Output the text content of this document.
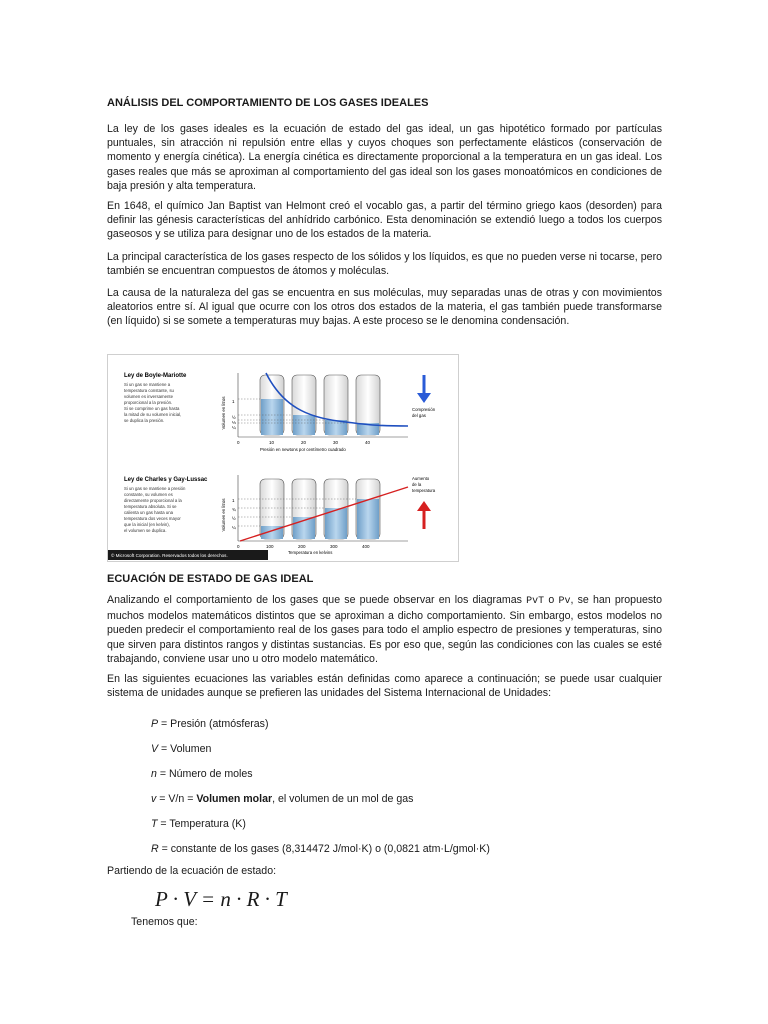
ANÁLISIS DEL COMPORTAMIENTO DE LOS GASES IDEALES

La ley de los gases ideales es la ecuación de estado del gas ideal, un gas hipotético formado por partículas puntuales, sin atracción ni repulsión entre ellas y cuyos choques son perfectamente elásticos (conservación de momento y energía cinética). La energía cinética es directamente proporcional a la temperatura en un gas ideal. Los gases reales que más se aproximan al comportamiento del gas ideal son los gases monoatómicos en condiciones de baja presión y alta temperatura.

En 1648, el químico Jan Baptist van Helmont creó el vocablo gas, a partir del término griego kaos (desorden) para definir las génesis características del anhídrido carbónico. Esta denominación se extendió luego a todos los cuerpos gaseosos y se utiliza para designar uno de los estados de la materia.

La principal característica de los gases respecto de los sólidos y los líquidos, es que no pueden verse ni tocarse, pero también se encuentran compuestos de átomos y moléculas.

La causa de la naturaleza del gas se encuentra en sus moléculas, muy separadas unas de otras y con movimientos aleatorios entre sí. Al igual que ocurre con los otros dos estados de la materia, el gas también puede transformarse (en líquido) si se somete a temperaturas muy bajas. A este proceso se le denomina condensación.

Ley de Boyle-Mariotte
Si un gas se mantiene a
temperatura constante, su
volumen es inversamente
proporcional a la presión.
Si se comprime un gas hasta
la mitad de su volumen inicial,
se duplica la presión.	Volumen en litros 1
½
⅓
¼
0	10	20	30	40
Presión en newtons por centímetro cuadrado
Compresión
del gas
Ley de Charles y Gay-Lussac
Si un gas se mantiene a presión
constante, su volumen es
directamente proporcional a la
temperatura absoluta. Si se
calienta un gas hasta una
temperatura dos veces mayor
que la inicial (en kelvin),
el volumen se duplica.	Volumen en litros 1
¾
½
¼
0	100	200	300	400
Temperatura en kelvins
Aumento
de la
temperatura
© Microsoft Corporation. Reservados todos los derechos.
ECUACIÓN DE ESTADO DE GAS IDEAL

Analizando el comportamiento de los gases que se puede observar en los diagramas PvT o Pv, se han propuesto muchos modelos matemáticos distintos que se aproximan a dicho comportamiento. Sin embargo, estos modelos no pueden predecir el comportamiento real de los gases para todo el amplio espectro de presiones y temperaturas, sino que sirven para distintos rangos y distintas sustancias. Es por eso que, según las condiciones con las cuales se esté trabajando, conviene usar uno u otro modelo matemático.

En las siguientes ecuaciones las variables están definidas como aparece a continuación; se puede usar cualquier sistema de unidades aunque se prefieren las unidades del Sistema Internacional de Unidades:

P = Presión (atmósferas)
V = Volumen
n = Número de moles
v = V/n = Volumen molar, el volumen de un mol de gas
T = Temperatura (K)
R = constante de los gases (8,314472 J/mol·K) o (0,0821 atm·L/gmol·K)

Partiendo de la ecuación de estado:

P · V = n · R · T

Tenemos que:
